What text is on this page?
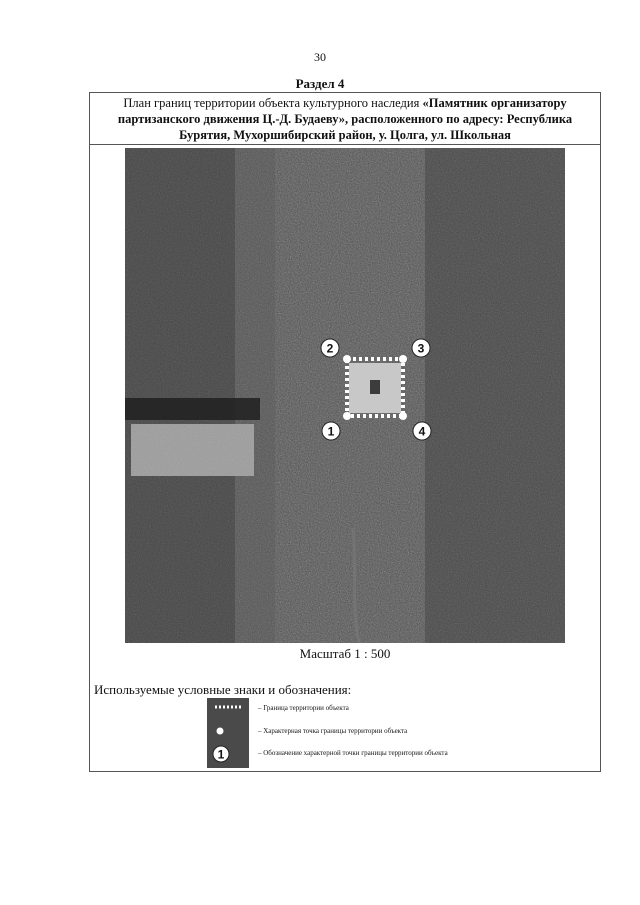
30
Раздел 4
План границ территории объекта культурного наследия «Памятник организатору
партизанского движения Ц.-Д. Будаеву», расположенного по адресу: Республика
Бурятия, Мухоршибирский район, у. Цолга, ул. Школьная
1
2	3
4
Масштаб 1 : 500
Используемые условные знаки и обозначения:
1
– Граница территории объекта
– Характерная точка границы территории объекта
– Обозначение характерной точки границы территории объекта
